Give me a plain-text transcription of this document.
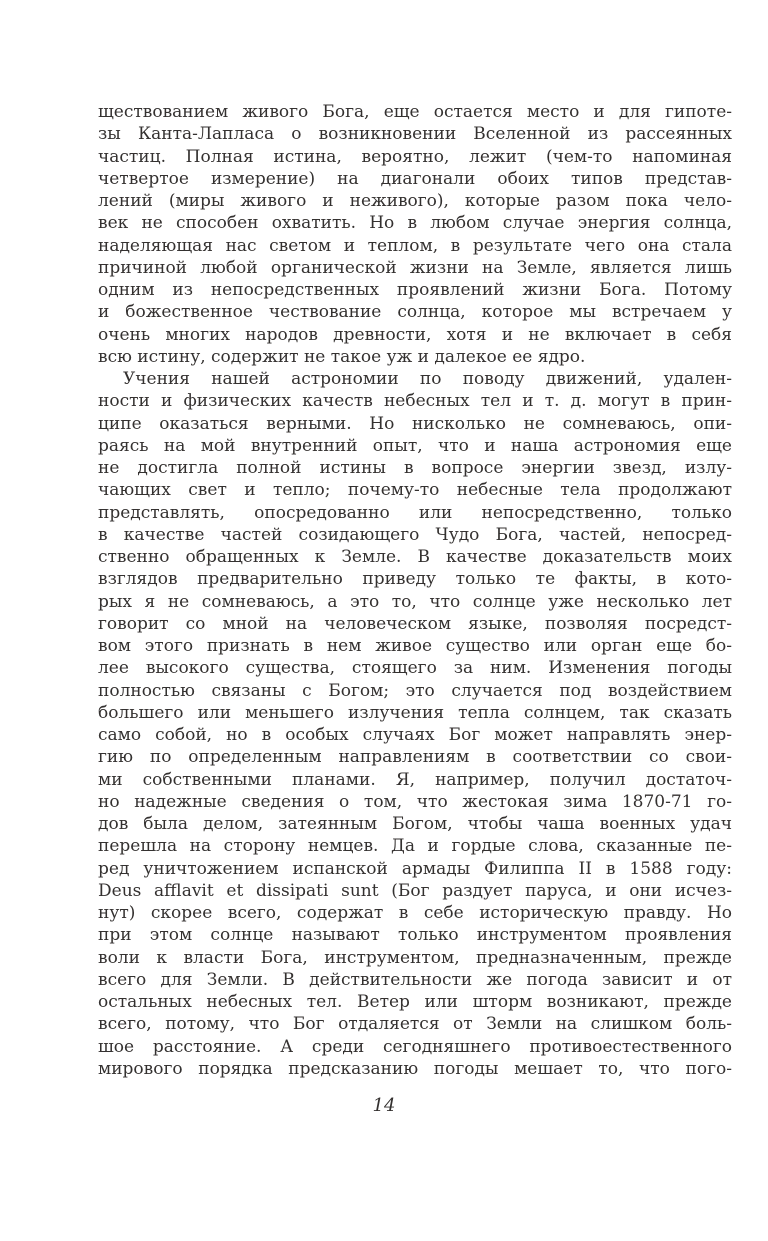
ществованием живого Бога, еще остается место и для гипоте-
зы Канта-Лапласа о возникновении Вселенной из рассеянных
частиц. Полная истина, вероятно, лежит (чем-то напоминая
четвертое измерение) на диагонали обоих типов представ-
лений (миры живого и неживого), которые разом пока чело-
век не способен охватить. Но в любом случае энергия солнца,
наделяющая нас светом и теплом, в результате чего она стала
причиной любой органической жизни на Земле, является лишь
одним из непосредственных проявлений жизни Бога. Потому
и божественное чествование солнца, которое мы встречаем у
очень многих народов древности, хотя и не включает в себя
всю истину, содержит не такое уж и далекое ее ядро.
Учения нашей астрономии по поводу движений, удален-
ности и физических качеств небесных тел и т. д. могут в прин-
ципе оказаться верными. Но нисколько не сомневаюсь, опи-
раясь на мой внутренний опыт, что и наша астрономия еще
не достигла полной истины в вопросе энергии звезд, излу-
чающих свет и тепло; почему-то небесные тела продолжают
представлять, опосредованно или непосредственно, только
в качестве частей созидающего Чудо Бога, частей, непосред-
ственно обращенных к Земле. В качестве доказательств моих
взглядов предварительно приведу только те факты, в кото-
рых я не сомневаюсь, а это то, что солнце уже несколько лет
говорит со мной на человеческом языке, позволяя посредст-
вом этого признать в нем живое существо или орган еще бо-
лее высокого существа, стоящего за ним. Изменения погоды
полностью связаны с Богом; это случается под воздействием
большего или меньшего излучения тепла солнцем, так сказать
само собой, но в особых случаях Бог может направлять энер-
гию по определенным направлениям в соответствии со свои-
ми собственными планами. Я, например, получил достаточ-
но надежные сведения о том, что жестокая зима 1870-71 го-
дов была делом, затеянным Богом, чтобы чаша военных удач
перешла на сторону немцев. Да и гордые слова, сказанные пе-
ред уничтожением испанской армады Филиппа II в 1588 году:
Deus afflavit et dissipati sunt (Бог раздует паруса, и они исчез-
нут) скорее всего, содержат в себе историческую правду. Но
при этом солнце называют только инструментом проявления
воли к власти Бога, инструментом, предназначенным, прежде
всего для Земли. В действительности же погода зависит и от
остальных небесных тел. Ветер или шторм возникают, прежде
всего, потому, что Бог отдаляется от Земли на слишком боль-
шое расстояние. А среди сегодняшнего противоестественного
мирового порядка предсказанию погоды мешает то, что пого-
14
